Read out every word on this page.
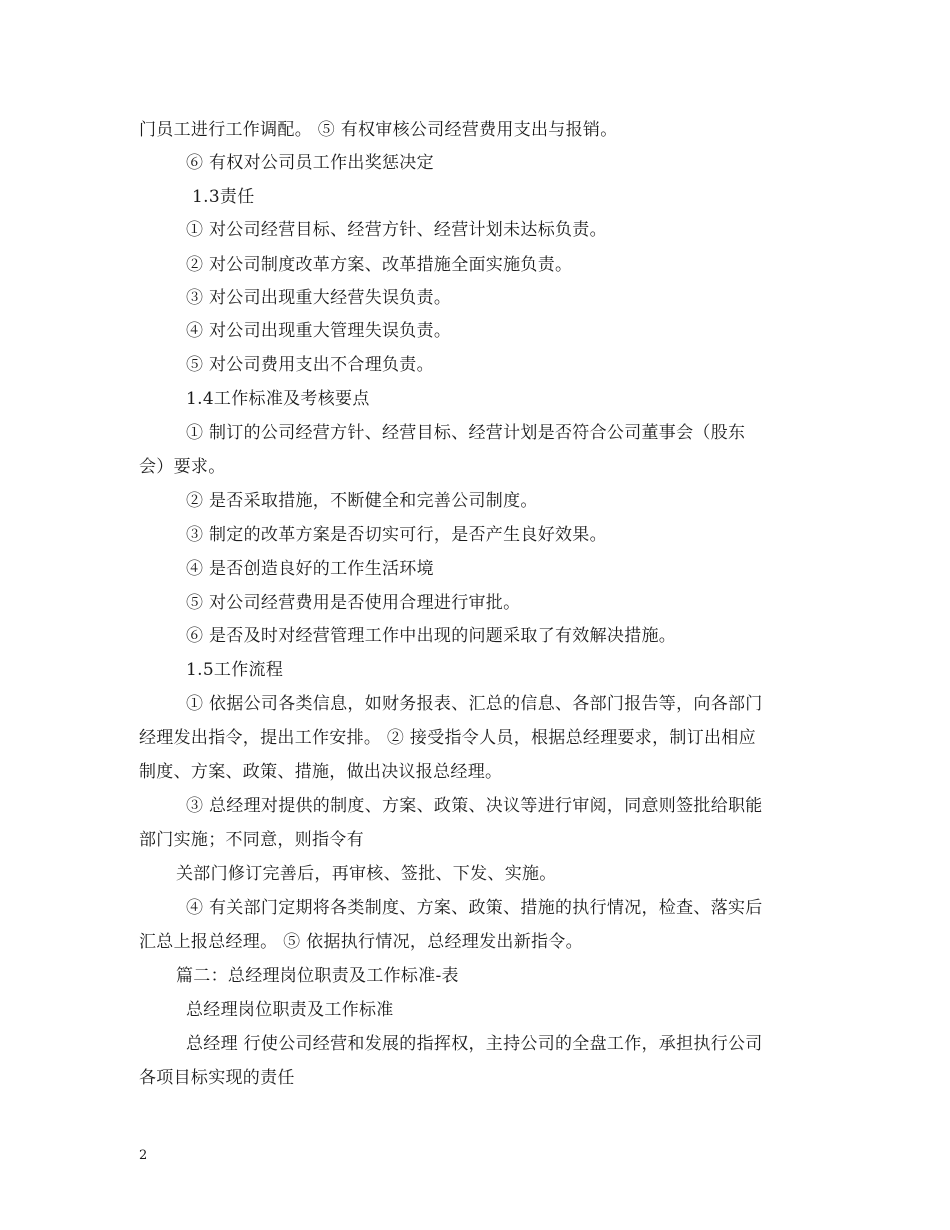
门员工进行工作调配。 ⑤ 有权审核公司经营费用支出与报销。
⑥ 有权对公司员工作出奖惩决定
1.3责任
① 对公司经营目标、经营方针、经营计划未达标负责。
② 对公司制度改革方案、改革措施全面实施负责。
③ 对公司出现重大经营失误负责。
④ 对公司出现重大管理失误负责。
⑤ 对公司费用支出不合理负责。
1.4工作标准及考核要点
① 制订的公司经营方针、经营目标、经营计划是否符合公司董事会（股东
会）要求。
② 是否采取措施，不断健全和完善公司制度。
③ 制定的改革方案是否切实可行，是否产生良好效果。
④ 是否创造良好的工作生活环境
⑤ 对公司经营费用是否使用合理进行审批。
⑥ 是否及时对经营管理工作中出现的问题采取了有效解决措施。
1.5工作流程
① 依据公司各类信息，如财务报表、汇总的信息、各部门报告等，向各部门
经理发出指令，提出工作安排。 ② 接受指令人员，根据总经理要求，制订出相应
制度、方案、政策、措施，做出决议报总经理。
③ 总经理对提供的制度、方案、政策、决议等进行审阅，同意则签批给职能
部门实施；不同意，则指令有
关部门修订完善后，再审核、签批、下发、实施。
④ 有关部门定期将各类制度、方案、政策、措施的执行情况，检查、落实后
汇总上报总经理。 ⑤ 依据执行情况，总经理发出新指令。
篇二：总经理岗位职责及工作标准-表
总经理岗位职责及工作标准
总经理 行使公司经营和发展的指挥权，主持公司的全盘工作，承担执行公司
各项目标实现的责任
2
